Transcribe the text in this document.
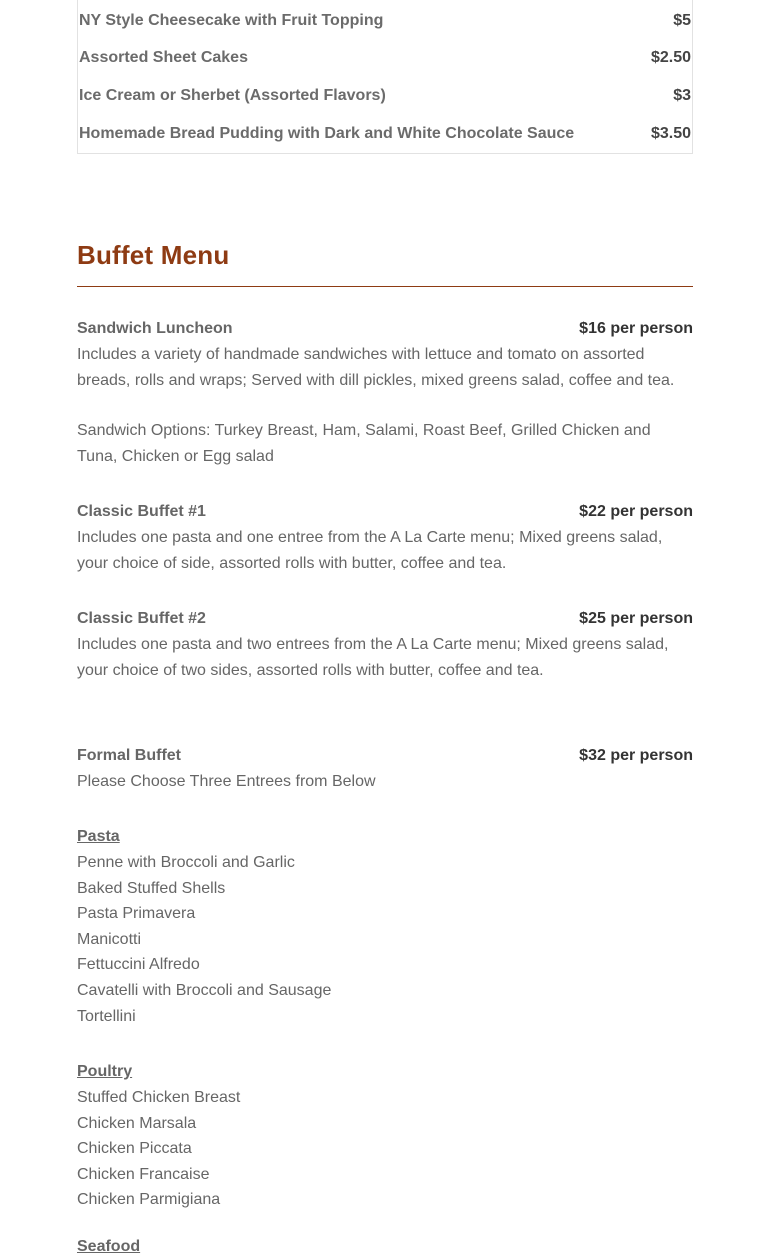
NY Style Cheesecake with Fruit Topping	$5
Assorted Sheet Cakes	$2.50
Ice Cream or Sherbet (Assorted Flavors)	$3
Homemade Bread Pudding with Dark and White Chocolate Sauce	$3.50
Buffet Menu
Sandwich Luncheon	$16 per person

Includes a variety of handmade sandwiches with lettuce and tomato on assorted breads, rolls and wraps; Served with dill pickles, mixed greens salad, coffee and tea.

Sandwich Options: Turkey Breast, Ham, Salami, Roast Beef, Grilled Chicken and Tuna, Chicken or Egg salad

Classic Buffet #1	$22 per person

Includes one pasta and one entree from the A La Carte menu; Mixed greens salad, your choice of side, assorted rolls with butter, coffee and tea.

Classic Buffet #2	$25 per person

Includes one pasta and two entrees from the A La Carte menu; Mixed greens salad, your choice of two sides, assorted rolls with butter, coffee and tea.

Formal Buffet	$32 per person

Please Choose Three Entrees from Below

Pasta
Penne with Broccoli and Garlic
Baked Stuffed Shells
Pasta Primavera
Manicotti
Fettuccini Alfredo
Cavatelli with Broccoli and Sausage
Tortellini
Poultry
Stuffed Chicken Breast
Chicken Marsala
Chicken Piccata
Chicken Francaise
Chicken Parmigiana
Seafood
